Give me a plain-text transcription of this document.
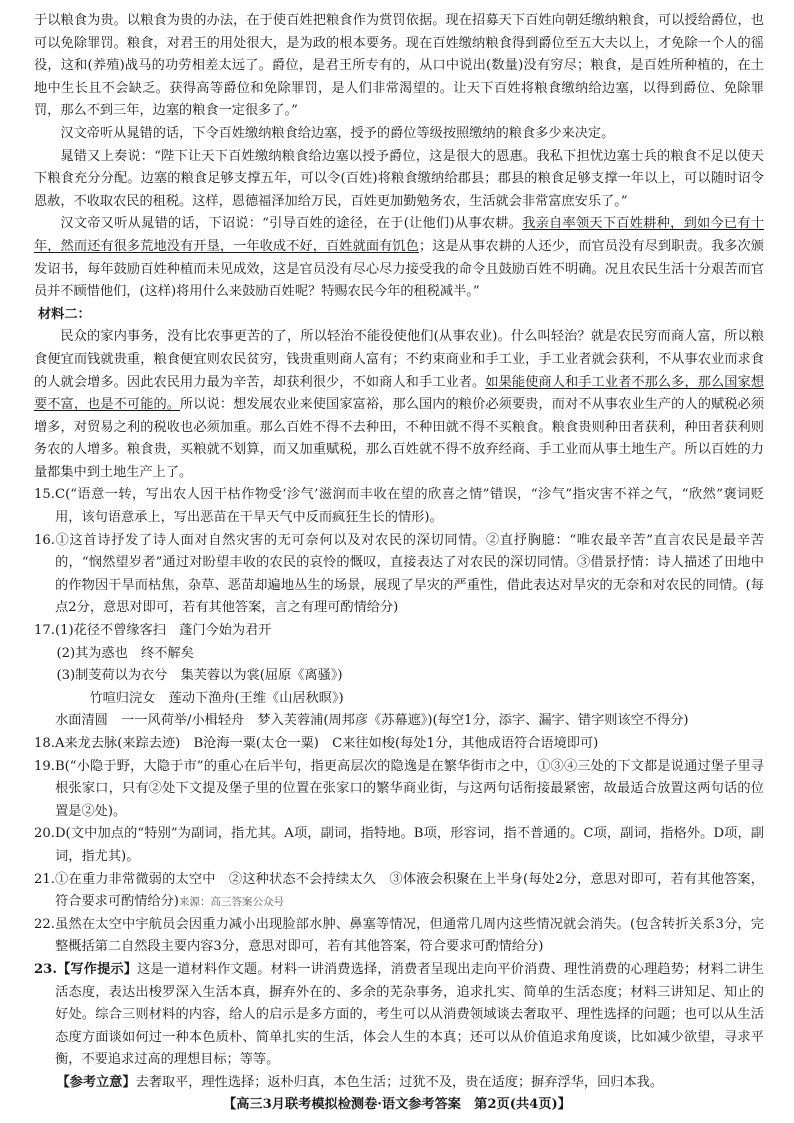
于以粮食为贵。以粮食为贵的办法，在于使百姓把粮食作为赏罚依据。现在招募天下百姓向朝廷缴纳粮食，可以授给爵位，也可以免除罪罚。粮食，对君王的用处很大，是为政的根本要务。现在百姓缴纳粮食得到爵位至五大夫以上，才免除一个人的徭役，这和(养殖)战马的功劳相差太远了。爵位，是君王所专有的，从口中说出(数量)没有穷尽；粮食，是百姓所种植的，在土地中生长且不会缺乏。获得高等爵位和免除罪罚，是人们非常渴望的。让天下百姓将粮食缴纳给边塞，以得到爵位、免除罪罚，那么不到三年，边塞的粮食一定很多了。”

汉文帝听从晁错的话，下令百姓缴纳粮食给边塞，授予的爵位等级按照缴纳的粮食多少来决定。

晁错又上奏说：“陛下让天下百姓缴纳粮食给边塞以授予爵位，这是很大的恩惠。我私下担忧边塞士兵的粮食不足以使天下粮食充分分配。边塞的粮食足够支撑五年，可以令(百姓)将粮食缴纳给郡县；郡县的粮食足够支撑一年以上，可以随时诏令恩赦，不收取农民的租税。这样，恩德福泽加给万民，百姓更加勤勉务农，生活就会非常富庶安乐了。”

汉文帝又听从晁错的话，下诏说：“引导百姓的途径，在于(让他们)从事农耕。我亲自率领天下百姓耕种，到如今已有十年，然而还有很多荒地没有开垦，一年收成不好，百姓就面有饥色；这是从事农耕的人还少，而官员没有尽到职责。我多次颁发诏书，每年鼓励百姓种植而未见成效，这是官员没有尽心尽力接受我的命令且鼓励百姓不明确。况且农民生活十分艰苦而官员并不顾惜他们，(这样)将用什么来鼓励百姓呢？特赐农民今年的租税减半。”

材料二：

民众的家内事务，没有比农事更苦的了，所以轻治不能役使他们(从事农业)。什么叫轻治？就是农民穷而商人富，所以粮食便宜而钱就贵重，粮食便宜则农民贫穷，钱贵重则商人富有；不约束商业和手工业，手工业者就会获利，不从事农业而求食的人就会增多。因此农民用力最为辛苦，却获利很少，不如商人和手工业者。如果能使商人和手工业者不那么多，那么国家想要不富，也是不可能的。所以说：想发展农业来使国家富裕，那么国内的粮价必须要贵，而对不从事农业生产的人的赋税必须增多，对贸易之利的税收也必须加重。那么百姓不得不去种田，不种田就不得不买粮食。粮食贵则种田者获利，种田者获利则务农的人增多。粮食贵，买粮就不划算，而又加重赋税，那么百姓就不得不放弃经商、手工业而从事土地生产。所以百姓的力量都集中到土地生产上了。

15.C(“语意一转，写出农人因干枯作物受‘沴气’滋润而丰收在望的欣喜之情”错误，“沴气”指灾害不祥之气，“欣然”褒词贬用，该句语意承上，写出恶苗在干旱天气中反而疯狂生长的情形)。

16.①这首诗抒发了诗人面对自然灾害的无可奈何以及对农民的深切同情。②直抒胸臆：“唯农最辛苦”直言农民是最辛苦的，“悯然望岁者”通过对盼望丰收的农民的哀怜的慨叹，直接表达了对农民的深切同情。③借景抒情：诗人描述了田地中的作物因干旱而枯焦，杂草、恶苗却遍地丛生的场景，展现了旱灾的严重性，借此表达对旱灾的无奈和对农民的同情。(每点2分，意思对即可，若有其他答案，言之有理可酌情给分)

17.(1)花径不曾缘客扫　蓬门今始为君开

(2)其为惑也　终不解矣

(3)制芰荷以为衣兮　集芙蓉以为裳(屈原《离骚》)

竹喧归浣女　莲动下渔舟(王维《山居秋暝》)

水面清圆　一一风荷举/小楫轻舟　梦入芙蓉浦(周邦彦《苏幕遮》)(每空1分，添字、漏字、错字则该空不得分)

18.A来龙去脉(来踪去迹)　B沧海一粟(太仓一粟)　C来往如梭(每处1分，其他成语符合语境即可)

19.B(“小隐于野，大隐于市”的重心在后半句，指更高层次的隐逸是在繁华街市之中，①③④三处的下文都是说通过堡子里寻根张家口，只有②处下文提及堡子里的位置在张家口的繁华商业街，与这两句话衔接最紧密，故最适合放置这两句话的位置是②处)。

20.D(文中加点的“特别”为副词，指尤其。A项，副词，指特地。B项，形容词，指不普通的。C项，副词，指格外。D项，副词，指尤其)。

21.①在重力非常微弱的太空中　②这种状态不会持续太久　③体液会积聚在上半身(每处2分，意思对即可，若有其他答案，符合要求可酌情给分)来源：高三答案公众号

22.虽然在太空中宇航员会因重力减小出现脸部水肿、鼻塞等情况，但通常几周内这些情况就会消失。(包含转折关系3分，完整概括第二自然段主要内容3分，意思对即可，若有其他答案，符合要求可酌情给分)

23.【写作提示】这是一道材料作文题。材料一讲消费选择，消费者呈现出走向平价消费、理性消费的心理趋势；材料二讲生活态度，表达出梭罗深入生活本真，摒弃外在的、多余的芜杂事务，追求扎实、简单的生活态度；材料三讲知足、知止的好处。综合三则材料的内容，给人的启示是多方面的，考生可以从消费领域谈去奢取平、理性选择的问题；也可以从生活态度方面谈如何过一种本色质朴、简单扎实的生活，体会人生的本真；还可以从价值追求角度谈，比如减少欲望，寻求平衡，不要追求过高的理想目标；等等。

【参考立意】去奢取平，理性选择；返朴归真，本色生活；过犹不及，贵在适度；摒弃浮华，回归本我。

【高三3月联考模拟检测卷·语文参考答案　第2页(共4页)】
